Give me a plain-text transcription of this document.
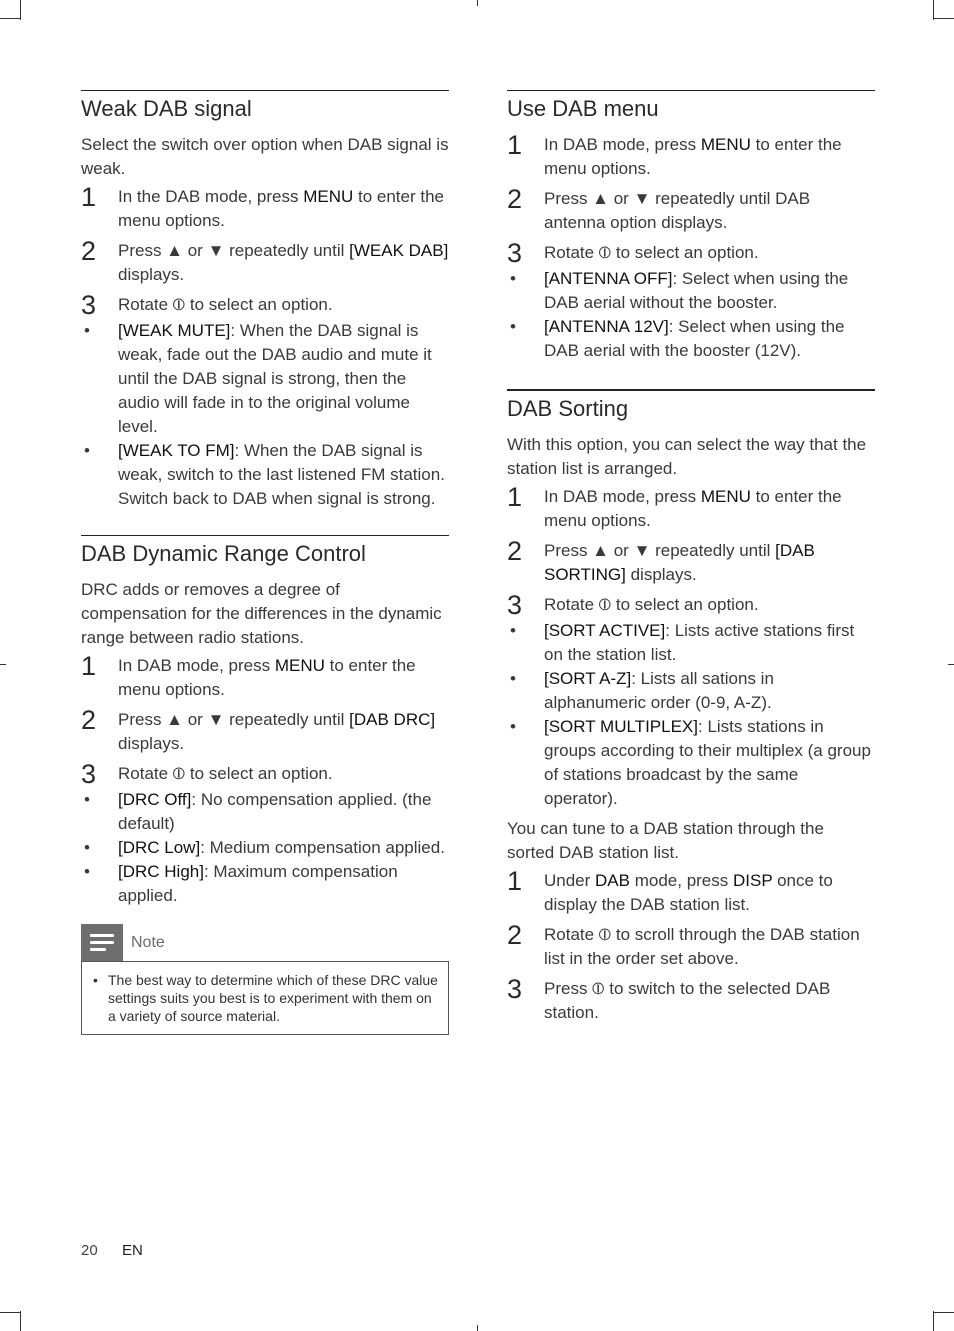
Weak DAB signal

Select the switch over option when DAB signal is weak.

1 In the DAB mode, press MENU to enter the menu options.
2 Press ▲ or ▼ repeatedly until [WEAK DAB] displays.
3 Rotate ⦶ to select an option.
• [WEAK MUTE]: When the DAB signal is weak, fade out the DAB audio and mute it until the DAB signal is strong, then the audio will fade in to the original volume level.
• [WEAK TO FM]: When the DAB signal is weak, switch to the last listened FM station. Switch back to DAB when signal is strong.
DAB Dynamic Range Control

DRC adds or removes a degree of compensation for the differences in the dynamic range between radio stations.

1 In DAB mode, press MENU to enter the menu options.
2 Press ▲ or ▼ repeatedly until [DAB DRC] displays.
3 Rotate ⦶ to select an option.
• [DRC Off]: No compensation applied. (the default)
• [DRC Low]: Medium compensation applied.
• [DRC High]: Maximum compensation applied.
Note
• The best way to determine which of these DRC value settings suits you best is to experiment with them on a variety of source material.
Use DAB menu
1 In DAB mode, press MENU to enter the menu options.
2 Press ▲ or ▼ repeatedly until DAB antenna option displays.
3 Rotate ⦶ to select an option.
• [ANTENNA OFF]: Select when using the DAB aerial without the booster.
• [ANTENNA 12V]: Select when using the DAB aerial with the booster (12V).
DAB Sorting

With this option, you can select the way that the station list is arranged.

1 In DAB mode, press MENU to enter the menu options.
2 Press ▲ or ▼ repeatedly until [DAB SORTING] displays.
3 Rotate ⦶ to select an option.
• [SORT ACTIVE]: Lists active stations first on the station list.
• [SORT A-Z]: Lists all sations in alphanumeric order (0-9, A-Z).
• [SORT MULTIPLEX]: Lists stations in groups according to their multiplex (a group of stations broadcast by the same operator).

You can tune to a DAB station through the sorted DAB station list.

1 Under DAB mode, press DISP once to display the DAB station list.
2 Rotate ⦶ to scroll through the DAB station list in the order set above.
3 Press ⦶ to switch to the selected DAB station.
20 EN
